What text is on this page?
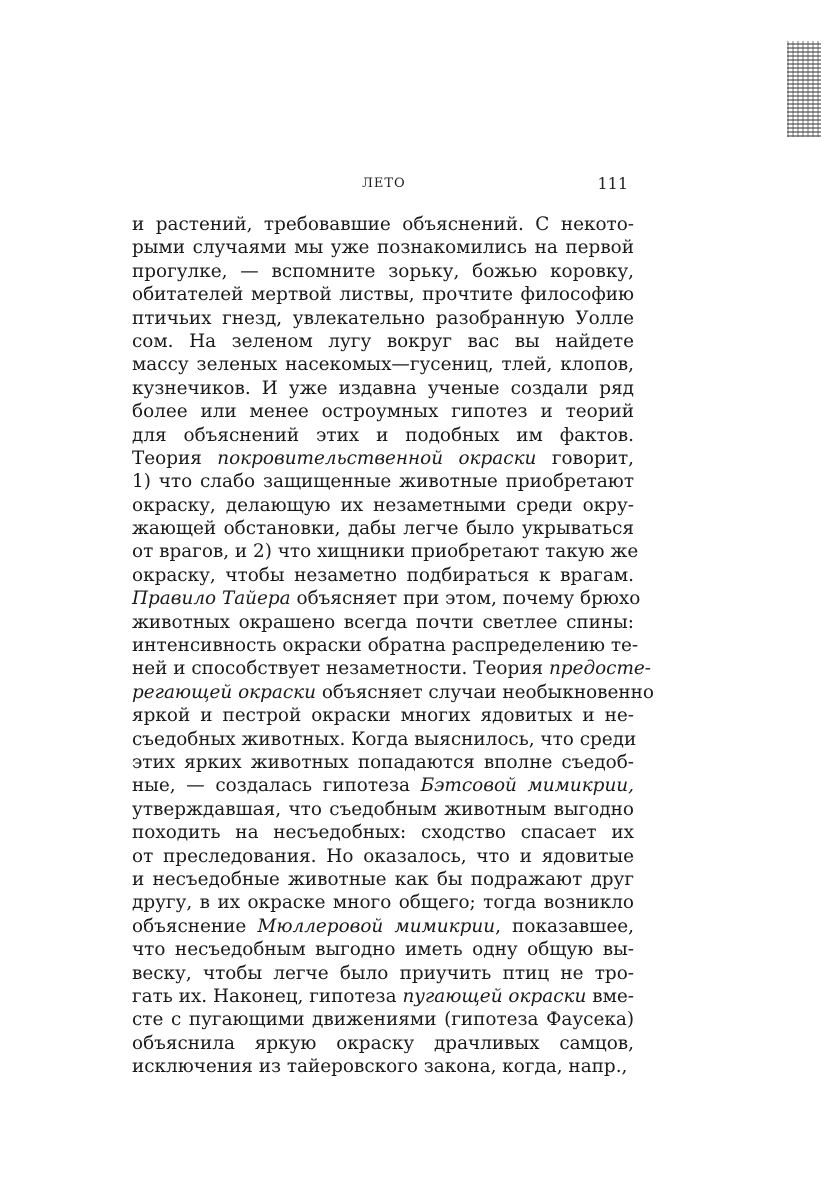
ЛЕТО	111
и растений, требовавшие объяснений. С некото-
рыми случаями мы уже познакомились на первой
прогулке, — вспомните зорьку, божью коровку,
обитателей мертвой листвы, прочтите философию
птичьих гнезд, увлекательно разобранную Уолле
сом. На зеленом лугу вокруг вас вы найдете
массу зеленых насекомых—гусениц, тлей, клопов,
кузнечиков. И уже издавна ученые создали ряд
более или менее остроумных гипотез и теорий
для объяснений этих и подобных им фактов.
Теория покровительственной окраски говорит,
1) что слабо защищенные животные приобретают
окраску, делающую их незаметными среди окру-
жающей обстановки, дабы легче было укрываться
от врагов, и 2) что хищники приобретают такую же
окраску, чтобы незаметно подбираться к врагам.
Правило Тайера объясняет при этом, почему брюхо
животных окрашено всегда почти светлее спины:
интенсивность окраски обратна распределению те-
ней и способствует незаметности. Теория предосте-
регающей окраски объясняет случаи необыкновенно
яркой и пестрой окраски многих ядовитых и не-
съедобных животных. Когда выяснилось, что среди
этих ярких животных попадаются вполне съедоб-
ные, — создалась гипотеза Бэтсовой мимикрии,
утверждавшая, что съедобным животным выгодно
походить на несъедобных: сходство спасает их
от преследования. Но оказалось, что и ядовитые
и несъедобные животные как бы подражают друг
другу, в их окраске много общего; тогда возникло
объяснение Мюллеровой мимикрии, показавшее,
что несъедобным выгодно иметь одну общую вы-
веску, чтобы легче было приучить птиц не тро-
гать их. Наконец, гипотеза пугающей окраски вме-
сте с пугающими движениями (гипотеза Фаусека)
объяснила яркую окраску драчливых самцов,
исключения из тайеровского закона, когда, напр.,
